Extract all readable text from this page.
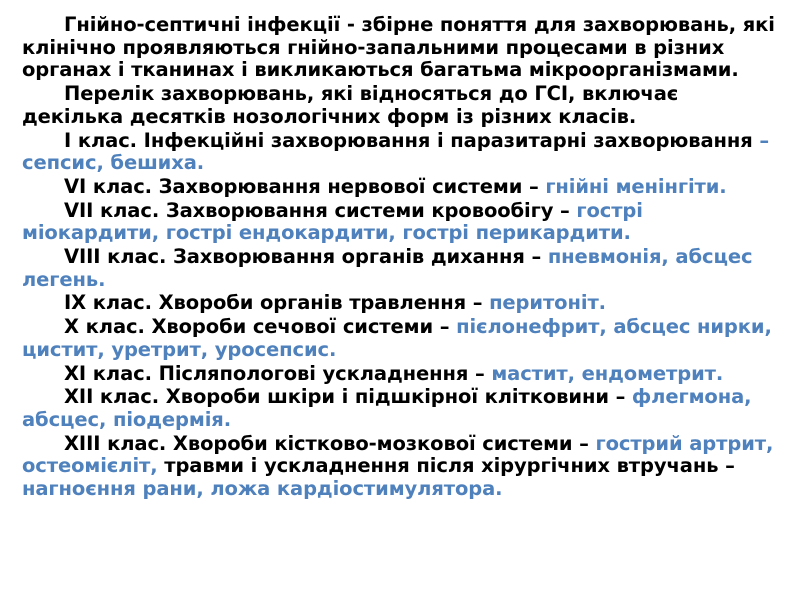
Гнійно-септичні інфекції - збірне поняття для захворювань, які клінічно проявляються гнійно-запальними процесами в різних органах і тканинах і викликаються багатьма мікроорганізмами.
Перелік захворювань, які відносяться до ГСІ, включає декілька десятків нозологічних форм із різних класів.
І клас. Інфекційні захворювання і паразитарні захворювання – сепсис, бешиха.
VІ клас. Захворювання нервової системи – гнійні менінгіти.
VІІ клас. Захворювання системи кровообігу – гострі міокардити, гострі ендокардити, гострі перикардити.
VІІІ клас. Захворювання органів дихання – пневмонія, абсцес легень.
ІХ клас. Хвороби органів травлення – перитоніт.
Х клас. Хвороби сечової системи – пієлонефрит, абсцес нирки, цистит, уретрит, уросепсис.
ХІ клас. Післяпологові ускладнення – мастит, ендометрит.
ХІІ клас. Хвороби шкіри і підшкірної клітковини – флегмона, абсцес, піодермія.
ХІІІ клас. Хвороби кістково-мозкової системи – гострий артрит, остеомієліт, травми і ускладнення після хірургічних втручань – нагноєння рани, ложа кардіостимулятора.
